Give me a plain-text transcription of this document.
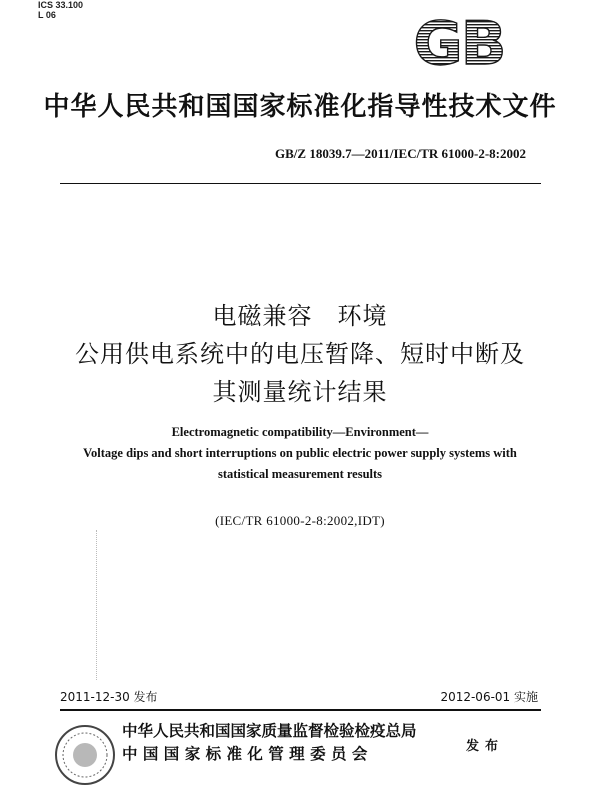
ICS 33.100
L 06	GB
中华人民共和国国家标准化指导性技术文件
GB/Z 18039.7—2011/IEC/TR 61000-2-8:2002
电磁兼容　环境
公用供电系统中的电压暂降、短时中断及
其测量统计结果
Electromagnetic compatibility—Environment—
Voltage dips and short interruptions on public electric power supply systems with
statistical measurement results
(IEC/TR 61000-2-8:2002,IDT)
2011-12-30 发布	2012-06-01 实施
中华人民共和国国家质量监督检验检疫总局
中 国 国 家 标 准 化 管 理 委 员 会	发布
